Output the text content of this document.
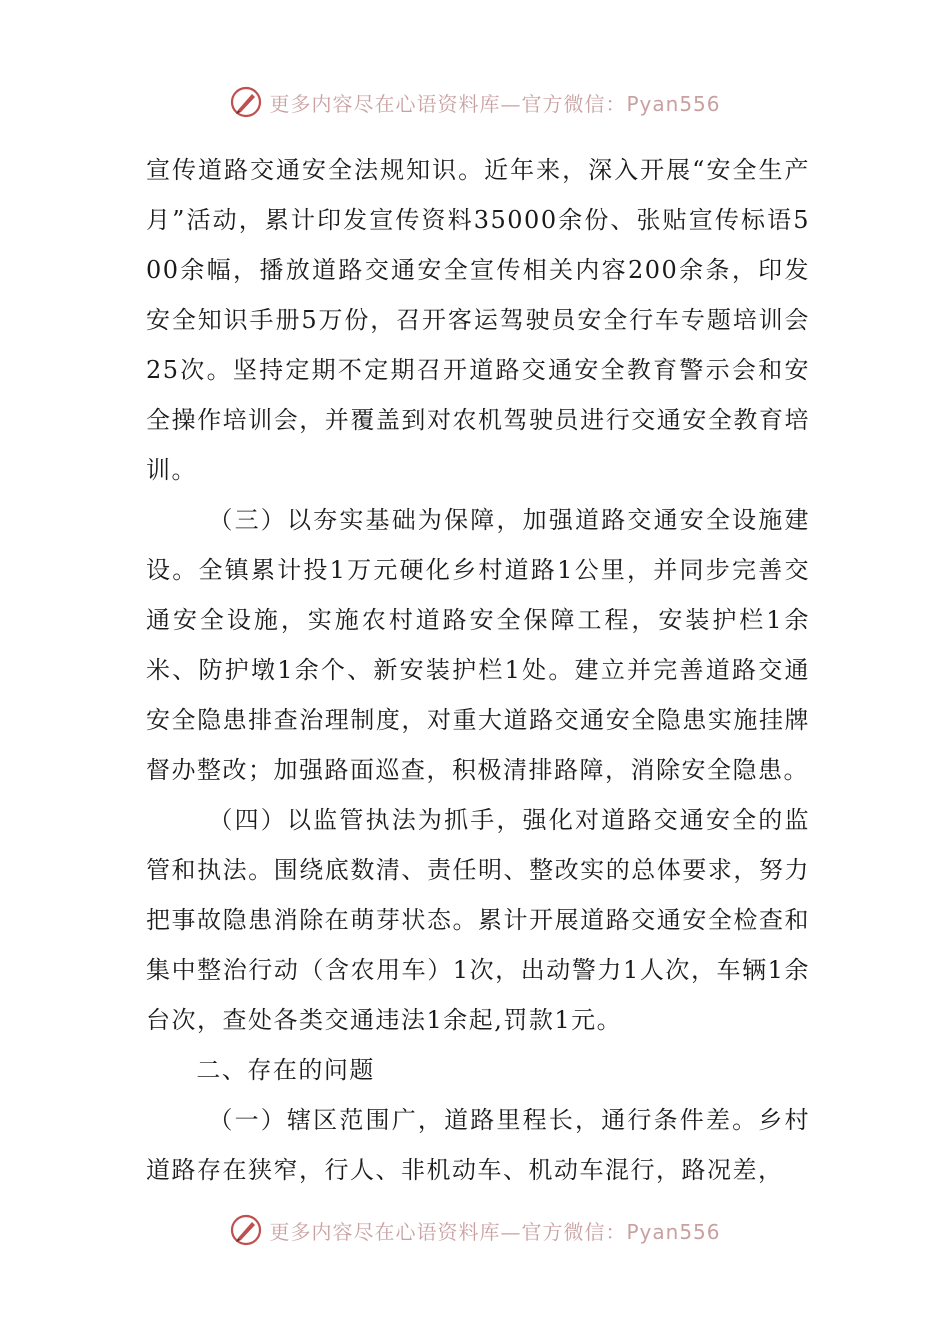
更多内容尽在心语资料库—官方微信：Pyan556

宣传道路交通安全法规知识。近年来，深入开展“安全生产月”活动，累计印发宣传资料35000余份、张贴宣传标语500余幅，播放道路交通安全宣传相关内容200余条，印发安全知识手册5万份，召开客运驾驶员安全行车专题培训会25次。坚持定期不定期召开道路交通安全教育警示会和安全操作培训会，并覆盖到对农机驾驶员进行交通安全教育培训。

（三）以夯实基础为保障，加强道路交通安全设施建设。全镇累计投1万元硬化乡村道路1公里，并同步完善交通安全设施，实施农村道路安全保障工程，安装护栏1余米、防护墩1余个、新安装护栏1处。建立并完善道路交通安全隐患排查治理制度，对重大道路交通安全隐患实施挂牌督办整改；加强路面巡查，积极清排路障，消除安全隐患。

（四）以监管执法为抓手，强化对道路交通安全的监管和执法。围绕底数清、责任明、整改实的总体要求，努力把事故隐患消除在萌芽状态。累计开展道路交通安全检查和集中整治行动（含农用车）1次，出动警力1人次，车辆1余台次，查处各类交通违法1余起,罚款1元。

二、存在的问题

（一）辖区范围广，道路里程长，通行条件差。乡村道路存在狭窄，行人、非机动车、机动车混行，路况差，

更多内容尽在心语资料库—官方微信：Pyan556
